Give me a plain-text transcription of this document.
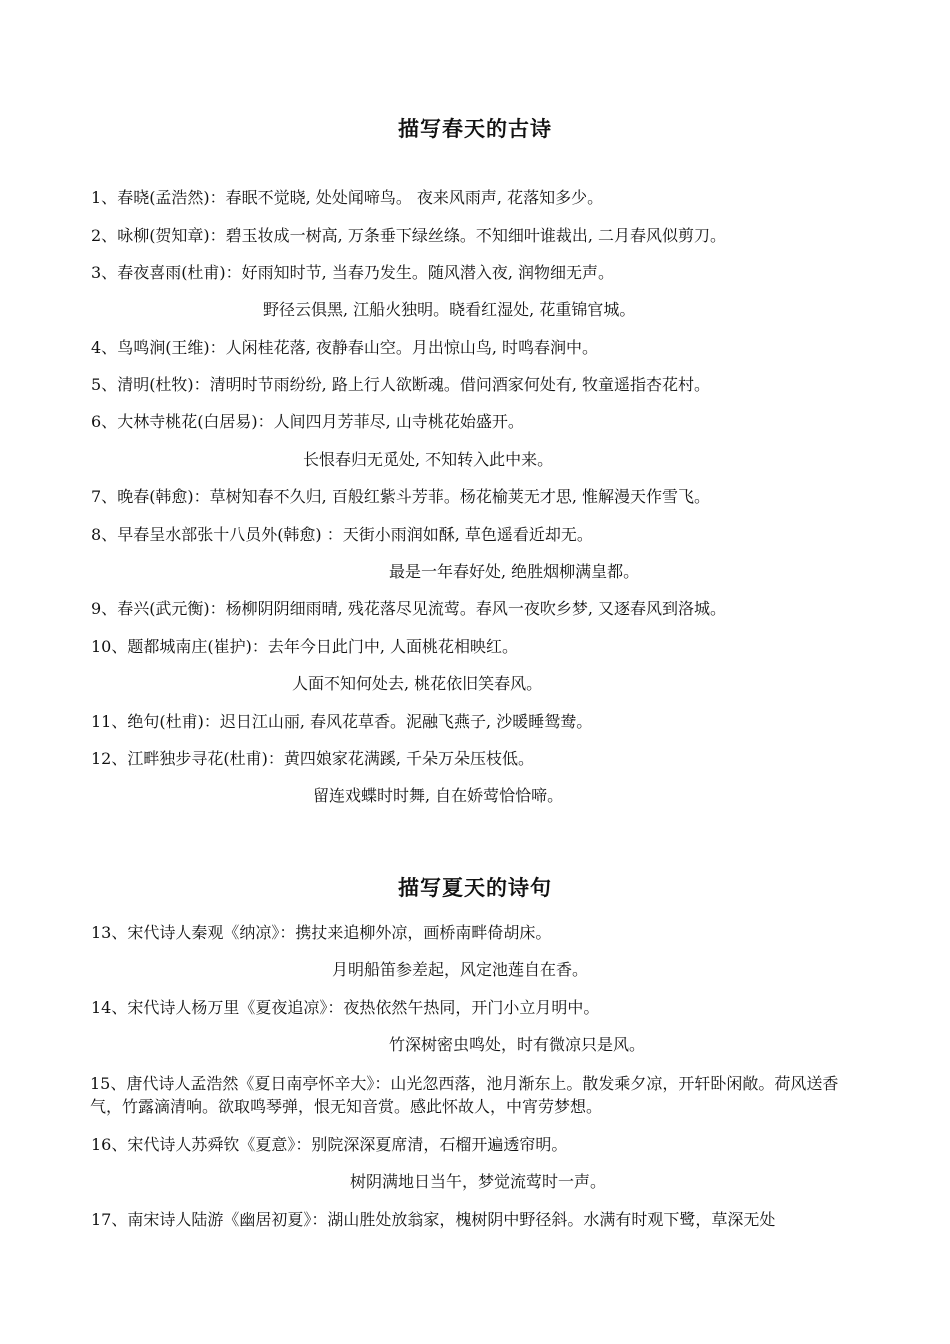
描写春天的古诗
1、春晓(孟浩然)：春眠不觉晓, 处处闻啼鸟。 夜来风雨声, 花落知多少。
2、咏柳(贺知章)：碧玉妆成一树高, 万条垂下绿丝绦。不知细叶谁裁出, 二月春风似剪刀。
3、春夜喜雨(杜甫)：好雨知时节, 当春乃发生。随风潜入夜, 润物细无声。
野径云俱黑, 江船火独明。晓看红湿处, 花重锦官城。
4、鸟鸣涧(王维)：人闲桂花落, 夜静春山空。月出惊山鸟, 时鸣春涧中。
5、清明(杜牧)：清明时节雨纷纷, 路上行人欲断魂。借问酒家何处有, 牧童遥指杏花村。
6、大林寺桃花(白居易)：人间四月芳菲尽, 山寺桃花始盛开。
长恨春归无觅处, 不知转入此中来。
7、晚春(韩愈)：草树知春不久归, 百般红紫斗芳菲。杨花榆荚无才思, 惟解漫天作雪飞。
8、早春呈水部张十八员外(韩愈) ：天街小雨润如酥, 草色遥看近却无。
最是一年春好处, 绝胜烟柳满皇都。
9、春兴(武元衡)：杨柳阴阴细雨晴, 残花落尽见流莺。春风一夜吹乡梦, 又逐春风到洛城。
10、题都城南庄(崔护)：去年今日此门中, 人面桃花相映红。
人面不知何处去, 桃花依旧笑春风。
11、绝句(杜甫)：迟日江山丽, 春风花草香。泥融飞燕子, 沙暖睡鸳鸯。
12、江畔独步寻花(杜甫)：黄四娘家花满蹊, 千朵万朵压枝低。
留连戏蝶时时舞, 自在娇莺恰恰啼。
描写夏天的诗句
13、宋代诗人秦观《纳凉》：携扙来追柳外凉，画桥南畔倚胡床。
月明船笛参差起，风定池莲自在香。
14、宋代诗人杨万里《夏夜追凉》：夜热依然午热同，开门小立月明中。
竹深树密虫鸣处，时有微凉只是风。
15、唐代诗人孟浩然《夏日南亭怀辛大》：山光忽西落，池月渐东上。散发乘夕凉，开轩卧闲敞。荷风送香气，竹露滴清响。欲取鸣琴弹，恨无知音赏。感此怀故人，中宵劳梦想。
16、宋代诗人苏舜钦《夏意》：别院深深夏席清，石榴开遍透帘明。
树阴满地日当午，梦觉流莺时一声。
17、南宋诗人陆游《幽居初夏》：湖山胜处放翁家，槐树阴中野径斜。水满有时观下鹭，草深无处
